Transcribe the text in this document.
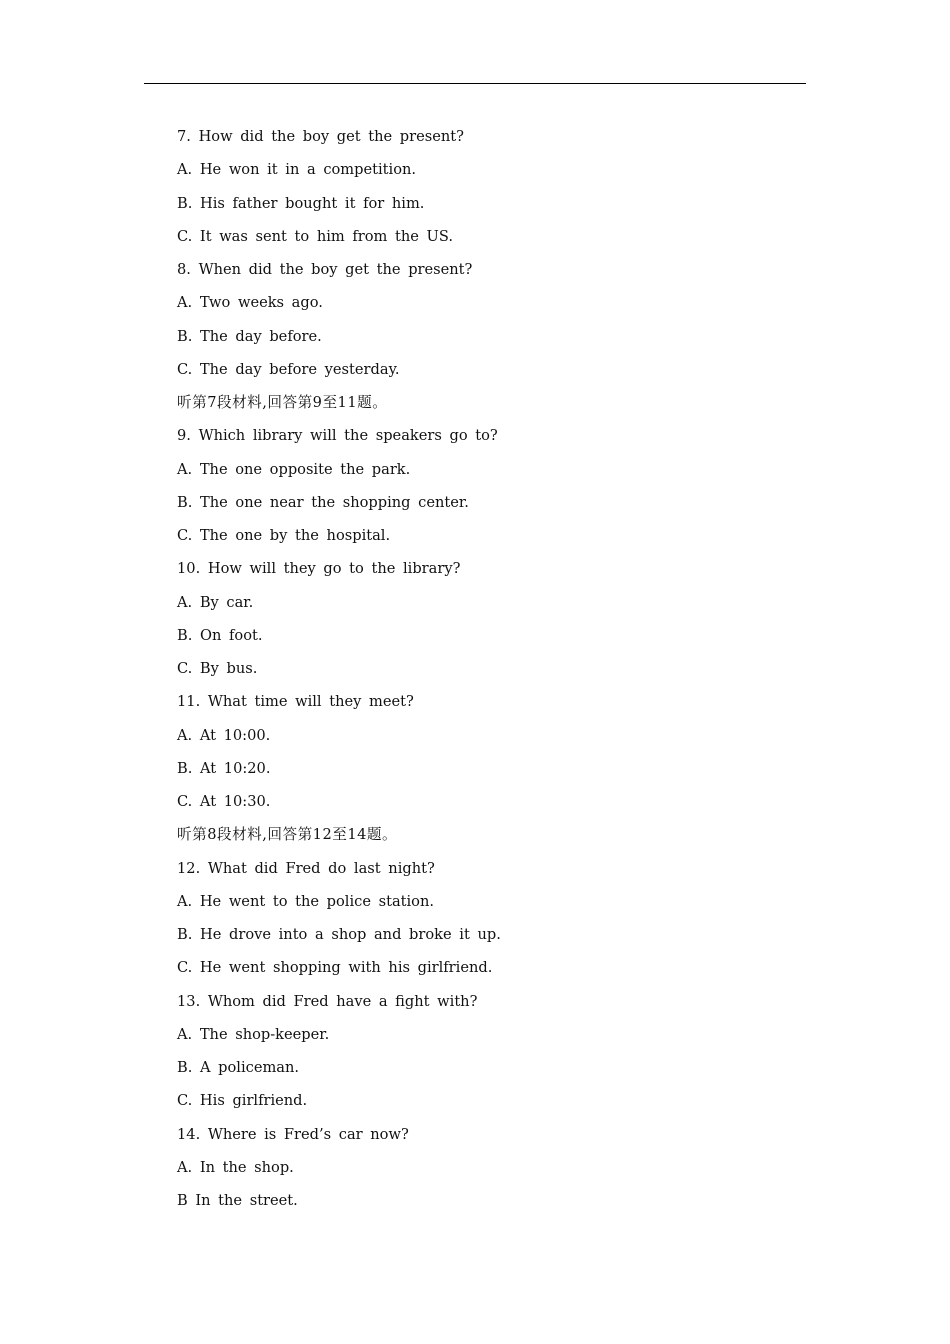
7. How did the boy get the present?
A. He won it in a competition.
B. His father bought it for him.
C. It was sent to him from the US.
8. When did the boy get the present?
A. Two weeks ago.
B. The day before.
C. The day before yesterday.
听第7段材料,回答第9至11题。
9. Which library will the speakers go to?
A. The one opposite the park.
B. The one near the shopping center.
C. The one by the hospital.
10. How will they go to the library?
A. By car.
B. On foot.
C. By bus.
11. What time will they meet?
A. At 10:00.
B. At 10:20.
C. At 10:30.
听第8段材料,回答第12至14题。
12. What did Fred do last night?
A. He went to the police station.
B. He drove into a shop and broke it up.
C. He went shopping with his girlfriend.
13. Whom did Fred have a fight with?
A. The shop-keeper.
B. A policeman.
C. His girlfriend.
14. Where is Fred’s car now?
A. In the shop.
B In the street.
